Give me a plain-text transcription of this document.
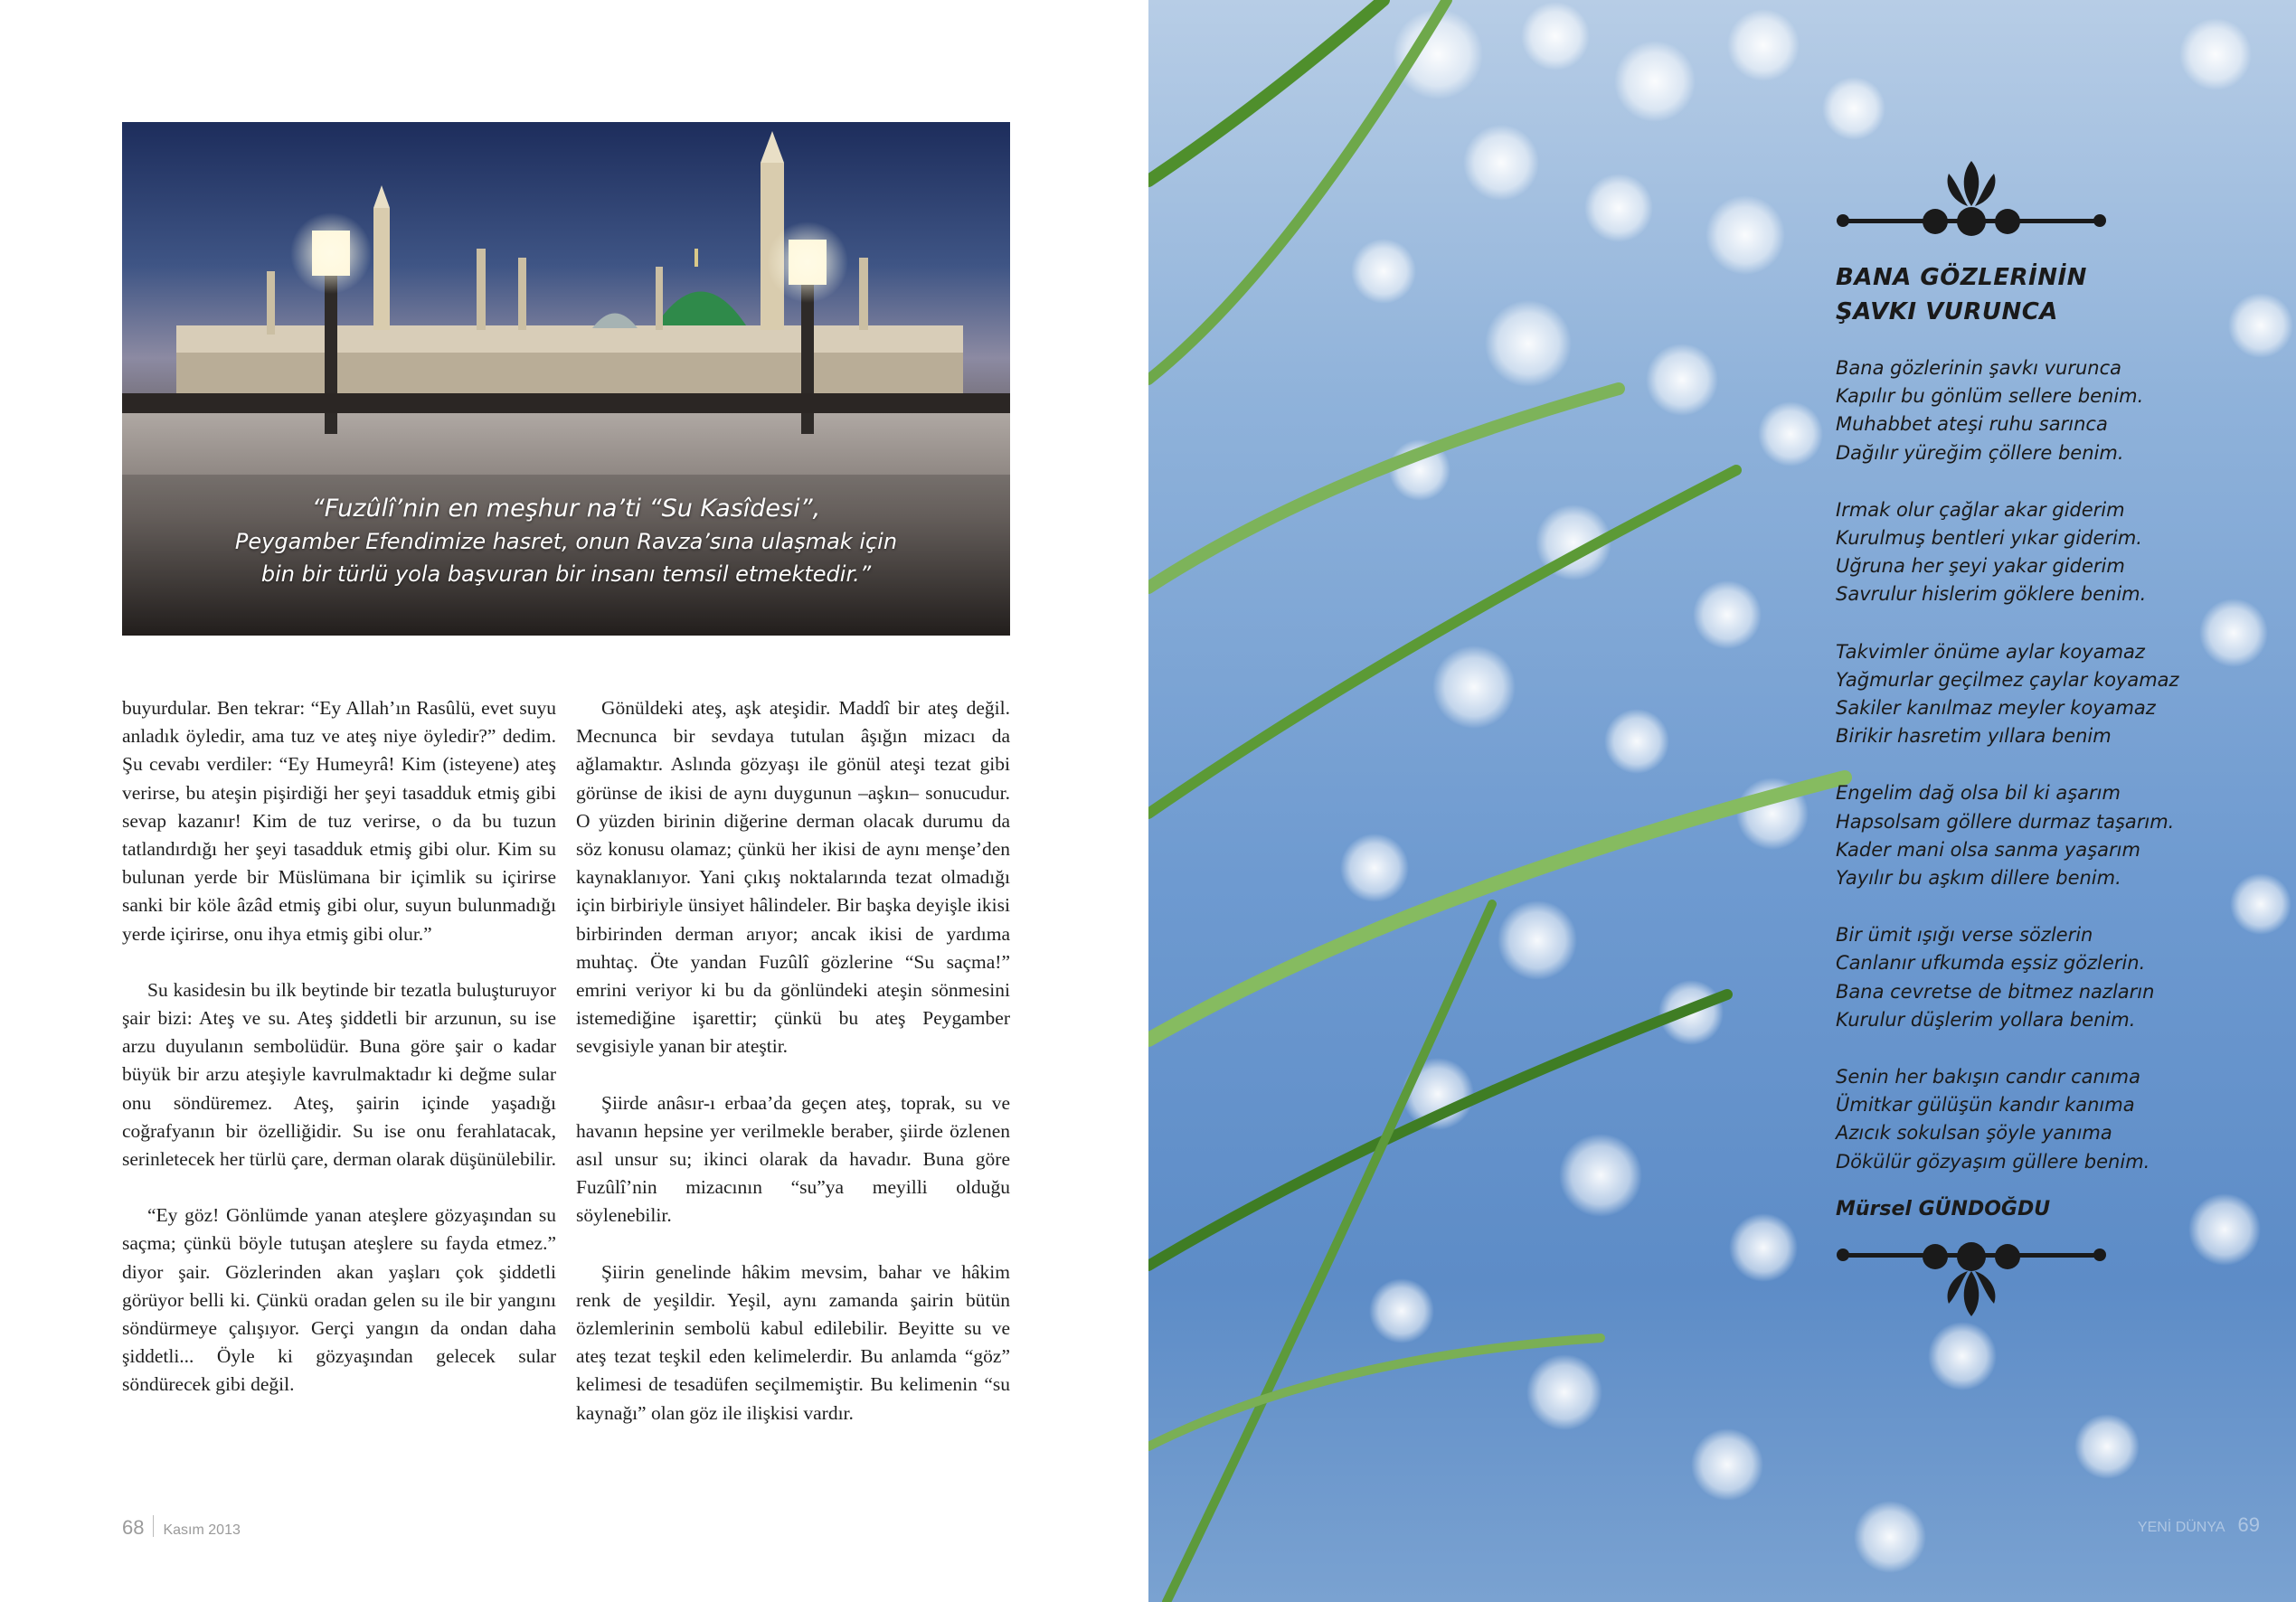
“Fuzûlî’nin en meşhur na’ti “Su Kasîdesi”,
Peygamber Efendimize hasret, onun Ravza’sına ulaşmak için
bin bir türlü yola başvuran bir insanı temsil etmektedir.”

buyurdular. Ben tekrar: “Ey Allah’ın Rasûlü, evet suyu anladık öyledir, ama tuz ve ateş niye öyledir?” dedim. Şu cevabı verdiler: “Ey Humeyrâ! Kim (isteyene) ateş verirse, bu ateşin pişirdiği her şeyi tasadduk etmiş gibi sevap kazanır! Kim de tuz verirse, o da bu tuzun tatlandırdığı her şeyi tasadduk etmiş gibi olur. Kim su bulunan yerde bir Müslümana bir içimlik su içirirse sanki bir köle âzâd etmiş gibi olur, suyun bulunmadığı yerde içirirse, onu ihya etmiş gibi olur.”

Su kasidesin bu ilk beytinde bir tezatla buluşturuyor şair bizi: Ateş ve su. Ateş şiddetli bir arzunun, su ise arzu duyulanın sembolüdür. Buna göre şair o kadar büyük bir arzu ateşiyle kavrulmaktadır ki değme sular onu söndüremez. Ateş, şairin içinde yaşadığı coğrafyanın bir özelliğidir. Su ise onu ferahlatacak, serinletecek her türlü çare, derman olarak düşünülebilir.

“Ey göz! Gönlümde yanan ateşlere gözyaşından su saçma; çünkü böyle tutuşan ateşlere su fayda etmez.” diyor şair. Gözlerinden akan yaşları çok şiddetli görüyor belli ki. Çünkü oradan gelen su ile bir yangını söndürmeye çalışıyor. Gerçi yangın da ondan daha şiddetli... Öyle ki gözyaşından gelecek sular söndürecek gibi değil.

Gönüldeki ateş, aşk ateşidir. Maddî bir ateş değil. Mecnunca bir sevdaya tutulan âşığın mizacı da ağlamaktır. Aslında gözyaşı ile gönül ateşi tezat gibi görünse de ikisi de aynı duygunun –aşkın– sonucudur. O yüzden birinin diğerine derman olacak durumu da söz konusu olamaz; çünkü her ikisi de aynı menşe’den kaynaklanıyor. Yani çıkış noktalarında tezat olmadığı için birbiriyle ünsiyet hâlindeler. Bir başka deyişle ikisi birbirinden derman arıyor; ancak ikisi de yardıma muhtaç. Öte yandan Fuzûlî gözlerine “Su saçma!” emrini veriyor ki bu da gönlündeki ateşin sönmesini istemediğine işarettir; çünkü bu ateş Peygamber sevgisiyle yanan bir ateştir.

Şiirde anâsır-ı erbaa’da geçen ateş, toprak, su ve havanın hepsine yer verilmekle beraber, şiirde özlenen asıl unsur su; ikinci olarak da havadır. Buna göre Fuzûlî’nin mizacının “su”ya meyilli olduğu söylenebilir.

Şiirin genelinde hâkim mevsim, bahar ve hâkim renk de yeşildir. Yeşil, aynı zamanda şairin bütün özlemlerinin sembolü kabul edilebilir. Beyitte su ve ateş tezat teşkil eden kelimelerdir. Bu anlamda “göz” kelimesi de tesadüfen seçilmemiştir. Bu kelimenin “su kaynağı” olan göz ile ilişkisi vardır.

68 Kasım 2013
BANA GÖZLERİNİN
ŞAVKI VURUNCA
Bana gözlerinin şavkı vurunca
Kapılır bu gönlüm sellere benim.
Muhabbet ateşi ruhu sarınca
Dağılır yüreğim çöllere benim.
Irmak olur çağlar akar giderim
Kurulmuş bentleri yıkar giderim.
Uğruna her şeyi yakar giderim
Savrulur hislerim göklere benim.
Takvimler önüme aylar koyamaz
Yağmurlar geçilmez çaylar koyamaz
Sakiler kanılmaz meyler koyamaz
Birikir hasretim yıllara benim
Engelim dağ olsa bil ki aşarım
Hapsolsam göllere durmaz taşarım.
Kader mani olsa sanma yaşarım
Yayılır bu aşkım dillere benim.
Bir ümit ışığı verse sözlerin
Canlanır ufkumda eşsiz gözlerin.
Bana cevretse de bitmez nazların
Kurulur düşlerim yollara benim.
Senin her bakışın candır canıma
Ümitkar gülüşün kandır kanıma
Azıcık sokulsan şöyle yanıma
Dökülür gözyaşım güllere benim.
Mürsel GÜNDOĞDU
YENİ DÜNYA 69
